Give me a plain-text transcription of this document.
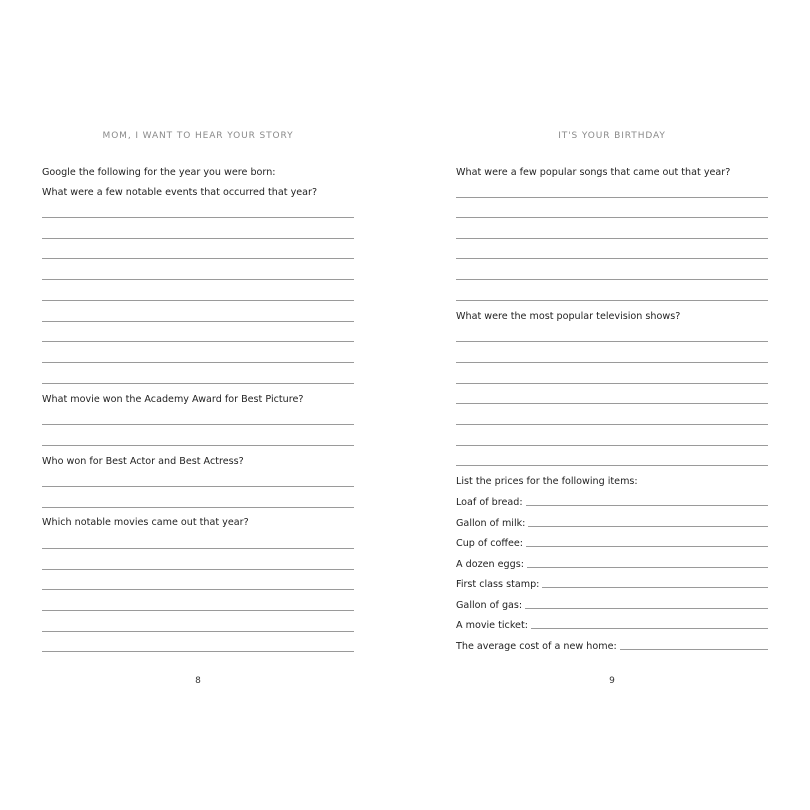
MOM, I WANT TO HEAR YOUR STORY
Google the following for the year you were born:
What were a few notable events that occurred that year?
What movie won the Academy Award for Best Picture?
Who won for Best Actor and Best Actress?
Which notable movies came out that year?
8
IT'S YOUR BIRTHDAY
What were a few popular songs that came out that year?
What were the most popular television shows?
List the prices for the following items:
Loaf of bread:
Gallon of milk:
Cup of coffee:
A dozen eggs:
First class stamp:
Gallon of gas:
A movie ticket:
The average cost of a new home:
9
